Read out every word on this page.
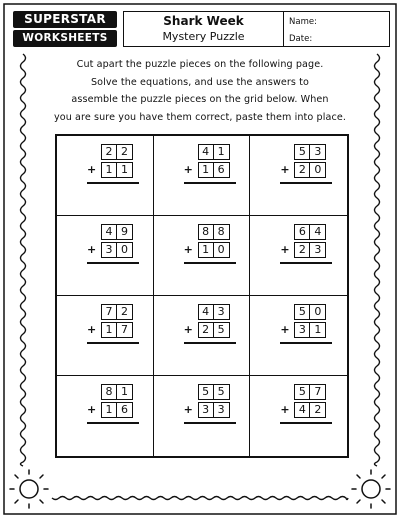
SUPERSTAR
WORKSHEETS
Shark Week
Mystery Puzzle
Name:
Date:
Cut apart the puzzle pieces on the following page.
Solve the equations, and use the answers to
assemble the puzzle pieces on the grid below. When
you are sure you have them correct, paste them into place.
2 2
+ 1 1
4 1
+ 1 6
5 3
+ 2 0
4 9
+ 3 0
8 8
+ 1 0
6 4
+ 2 3
7 2
+ 1 7
4 3
+ 2 5
5 0
+ 3 1
8 1
+ 1 6
5 5
+ 3 3
5 7
+ 4 2
